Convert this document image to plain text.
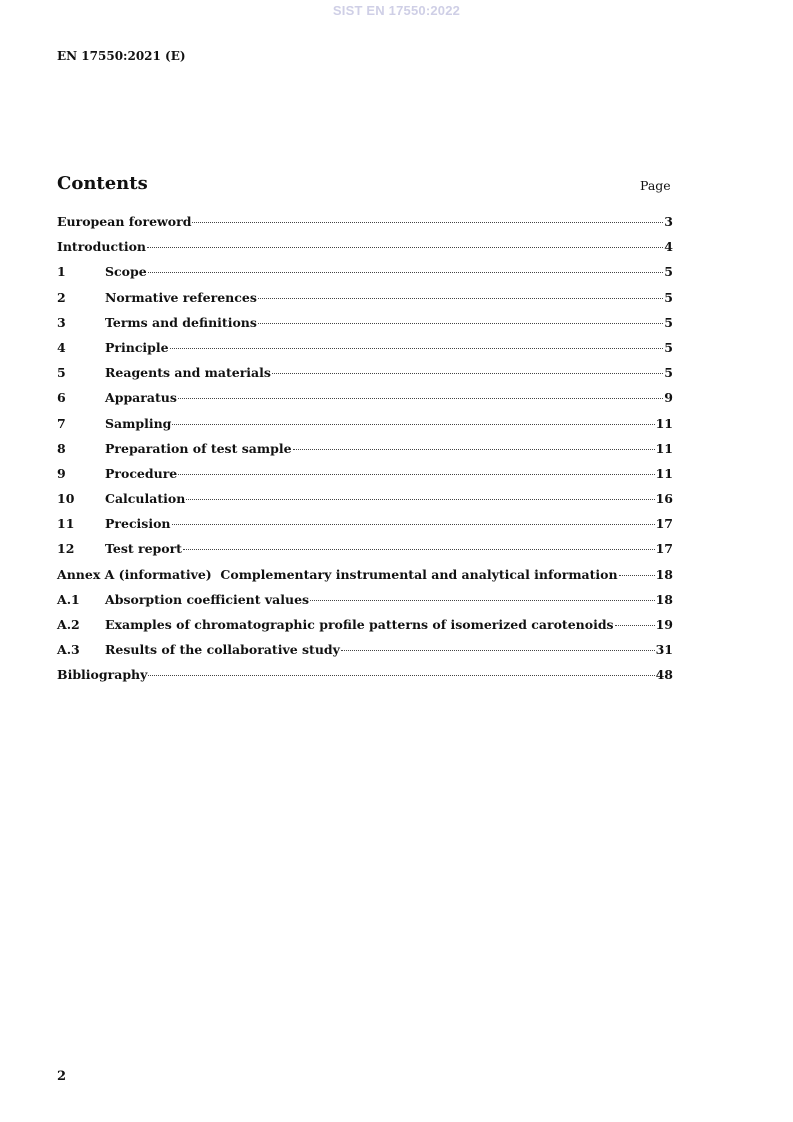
SIST EN 17550:2022
EN 17550:2021 (E)
Contents	Page
European foreword	3
Introduction	4
1	Scope	5
2	Normative references	5
3	Terms and definitions	5
4	Principle	5
5	Reagents and materials	5
6	Apparatus	9
7	Sampling	11
8	Preparation of test sample	11
9	Procedure	11
10	Calculation	16
11	Precision	17
12	Test report	17
Annex A (informative)  Complementary instrumental and analytical information	18
A.1	Absorption coefficient values	18
A.2	Examples of chromatographic profile patterns of isomerized carotenoids	19
A.3	Results of the collaborative study	31
Bibliography	48
2
